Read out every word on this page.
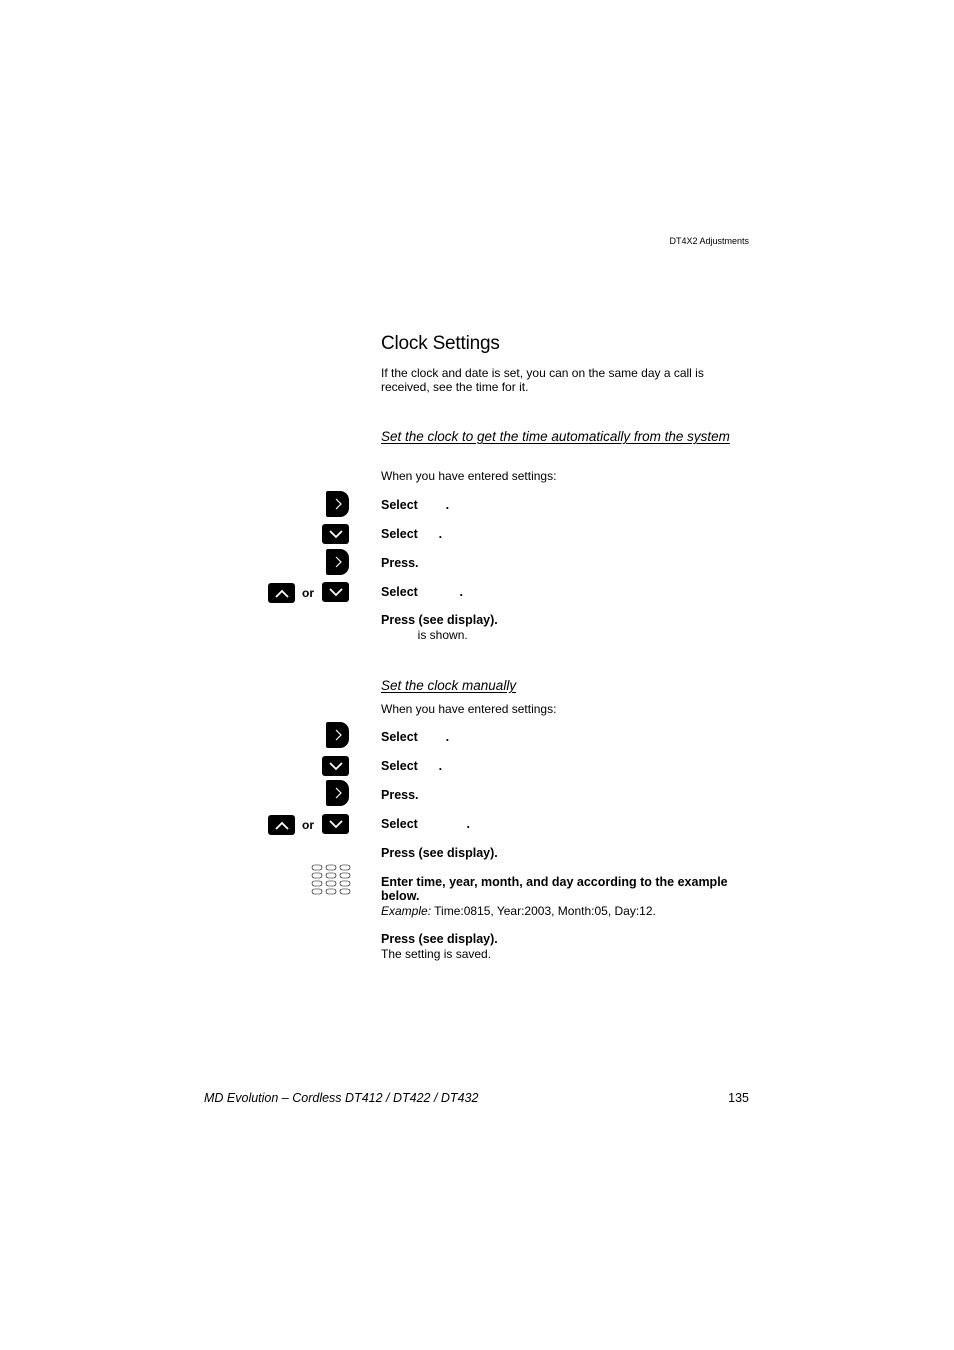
DT4X2 Adjustments
Clock Settings
If the clock and date is set, you can on the same day a call is received, see the time for it.
Set the clock to get the time automatically from the system
When you have entered settings:
Select        .
Select      .
Press.
or	Select            .
Press (see display).
is shown.
Set the clock manually
When you have entered settings:
Select        .
Select      .
Press.
or	Select              .
Press (see display).
Enter time, year, month, and day according to the example below.
Example: Time:0815, Year:2003, Month:05, Day:12.
Press (see display).
The setting is saved.
MD Evolution – Cordless DT412 / DT422 / DT432	135
